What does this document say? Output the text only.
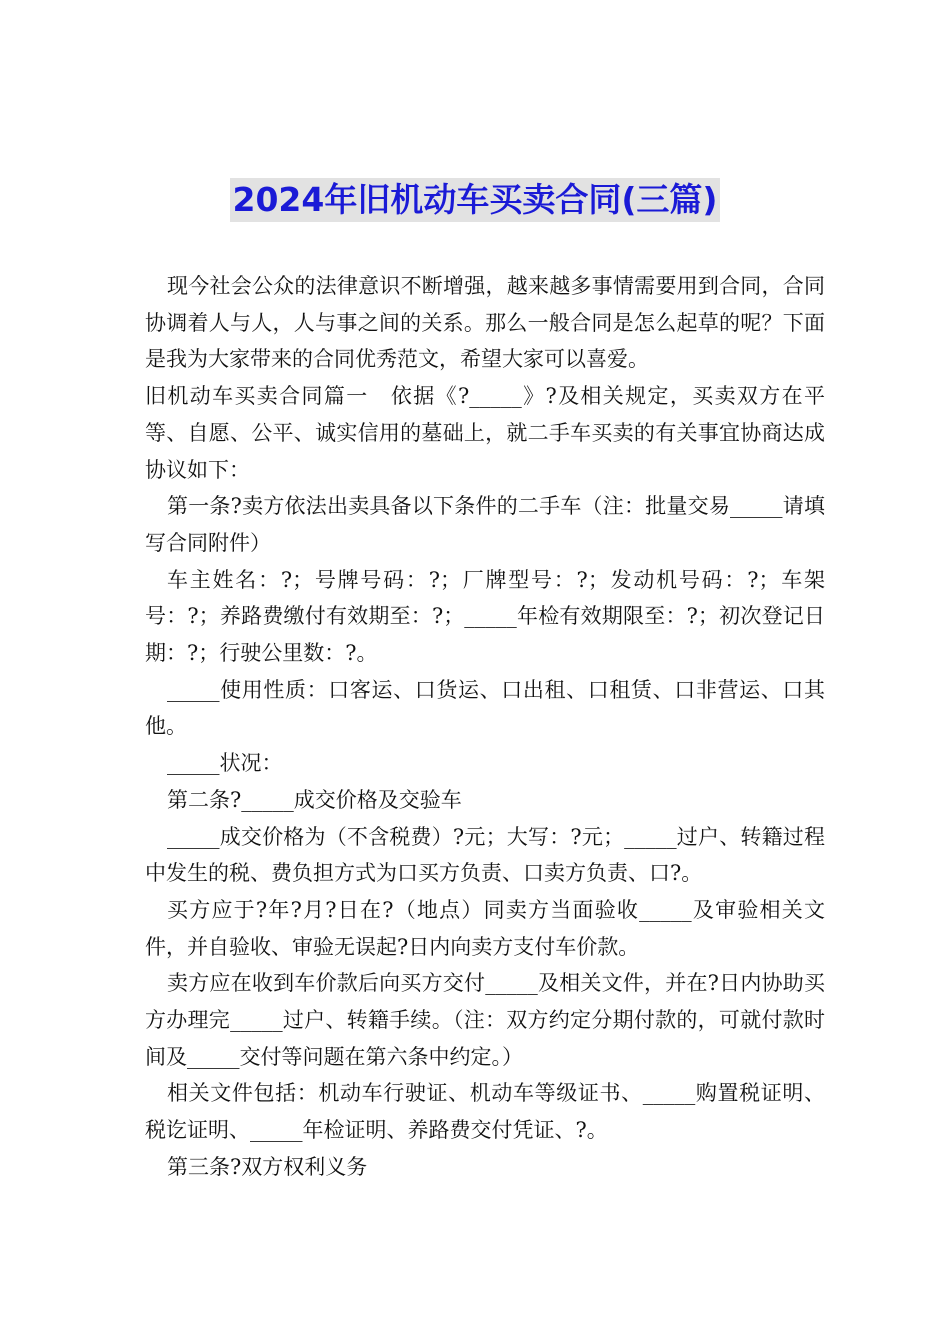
2024年旧机动车买卖合同(三篇)

现今社会公众的法律意识不断增强，越来越多事情需要用到合同，合同协调着人与人，人与事之间的关系。那么一般合同是怎么起草的呢？下面是我为大家带来的合同优秀范文，希望大家可以喜爱。

旧机动车买卖合同篇一　依据《?_____》?及相关规定，买卖双方在平等、自愿、公平、诚实信用的墓础上，就二手车买卖的有关事宜协商达成协议如下：

第一条?卖方依法出卖具备以下条件的二手车（注：批量交易_____请填写合同附件）

车主姓名：?；号牌号码：?；厂牌型号：?；发动机号码：?；车架号：?；养路费缴付有效期至：?；_____年检有效期限至：?；初次登记日期：?；行驶公里数：?。

_____使用性质：口客运、口货运、口出租、口租赁、口非营运、口其他。

_____状况：

第二条?_____成交价格及交验车

_____成交价格为（不含税费）?元；大写：?元；_____过户、转籍过程中发生的税、费负担方式为口买方负责、口卖方负责、口?。

买方应于?年?月?日在?（地点）同卖方当面验收_____及审验相关文件，并自验收、审验无误起?日内向卖方支付车价款。

卖方应在收到车价款后向买方交付_____及相关文件，并在?日内协助买方办理完_____过户、转籍手续。（注：双方约定分期付款的，可就付款时间及_____交付等问题在第六条中约定。）

相关文件包括：机动车行驶证、机动车等级证书、_____购置税证明、税讫证明、_____年检证明、养路费交付凭证、?。

第三条?双方权利义务
